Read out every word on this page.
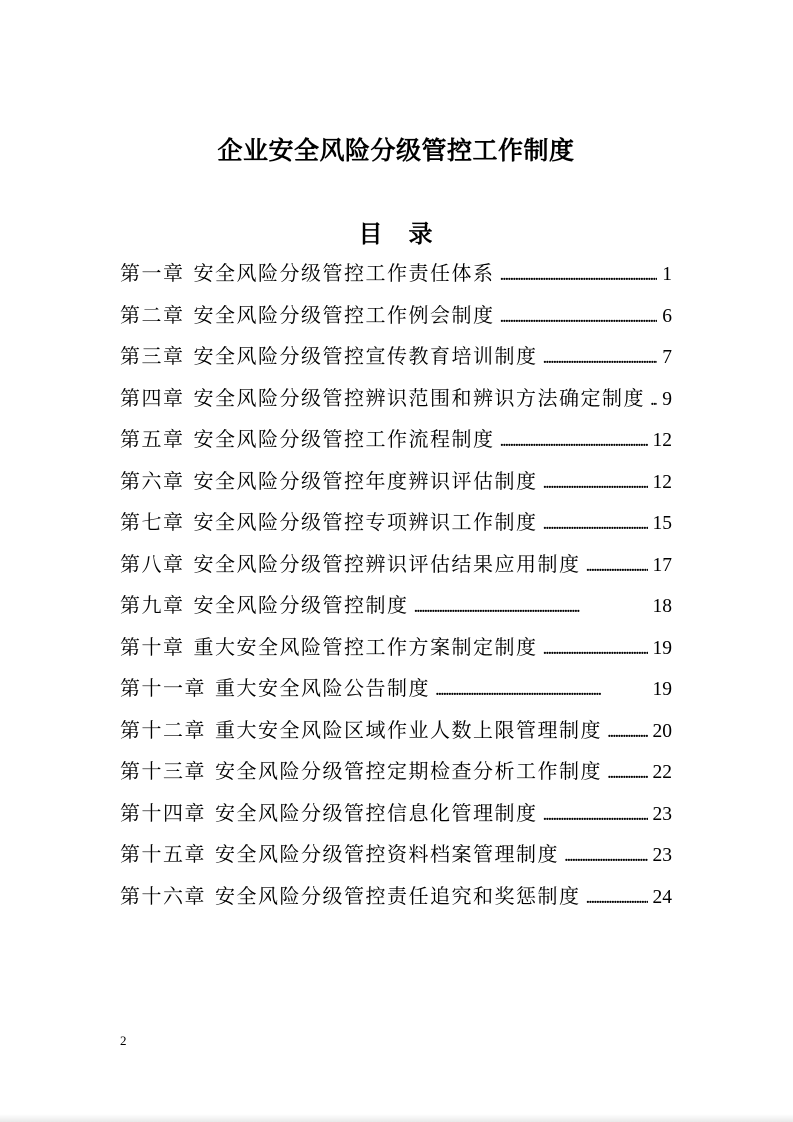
企业安全风险分级管控工作制度
目　录
第一章 安全风险分级管控工作责任体系 . . .	1
第二章 安全风险分级管控工作例会制度 . . .	6
第三章 安全风险分级管控宣传教育培训制度 . . .	7
第四章 安全风险分级管控辨识范围和辨识方法确定制度 . . . 9
第五章 安全风险分级管控工作流程制度 . . .	12
第六章 安全风险分级管控年度辨识评估制度 . . .	12
第七章 安全风险分级管控专项辨识工作制度 . . .	15
第八章 安全风险分级管控辨识评估结果应用制度 . . .	17
第九章 安全风险分级管控制度 . . .	18
第十章 重大安全风险管控工作方案制定制度 . . .	19
第十一章 重大安全风险公告制度 . . .	19
第十二章 重大安全风险区域作业人数上限管理制度 . . .	20
第十三章 安全风险分级管控定期检查分析工作制度 . . .	22
第十四章 安全风险分级管控信息化管理制度 . . .	23
第十五章 安全风险分级管控资料档案管理制度 . . .	23
第十六章 安全风险分级管控责任追究和奖惩制度 . . .	24
2
